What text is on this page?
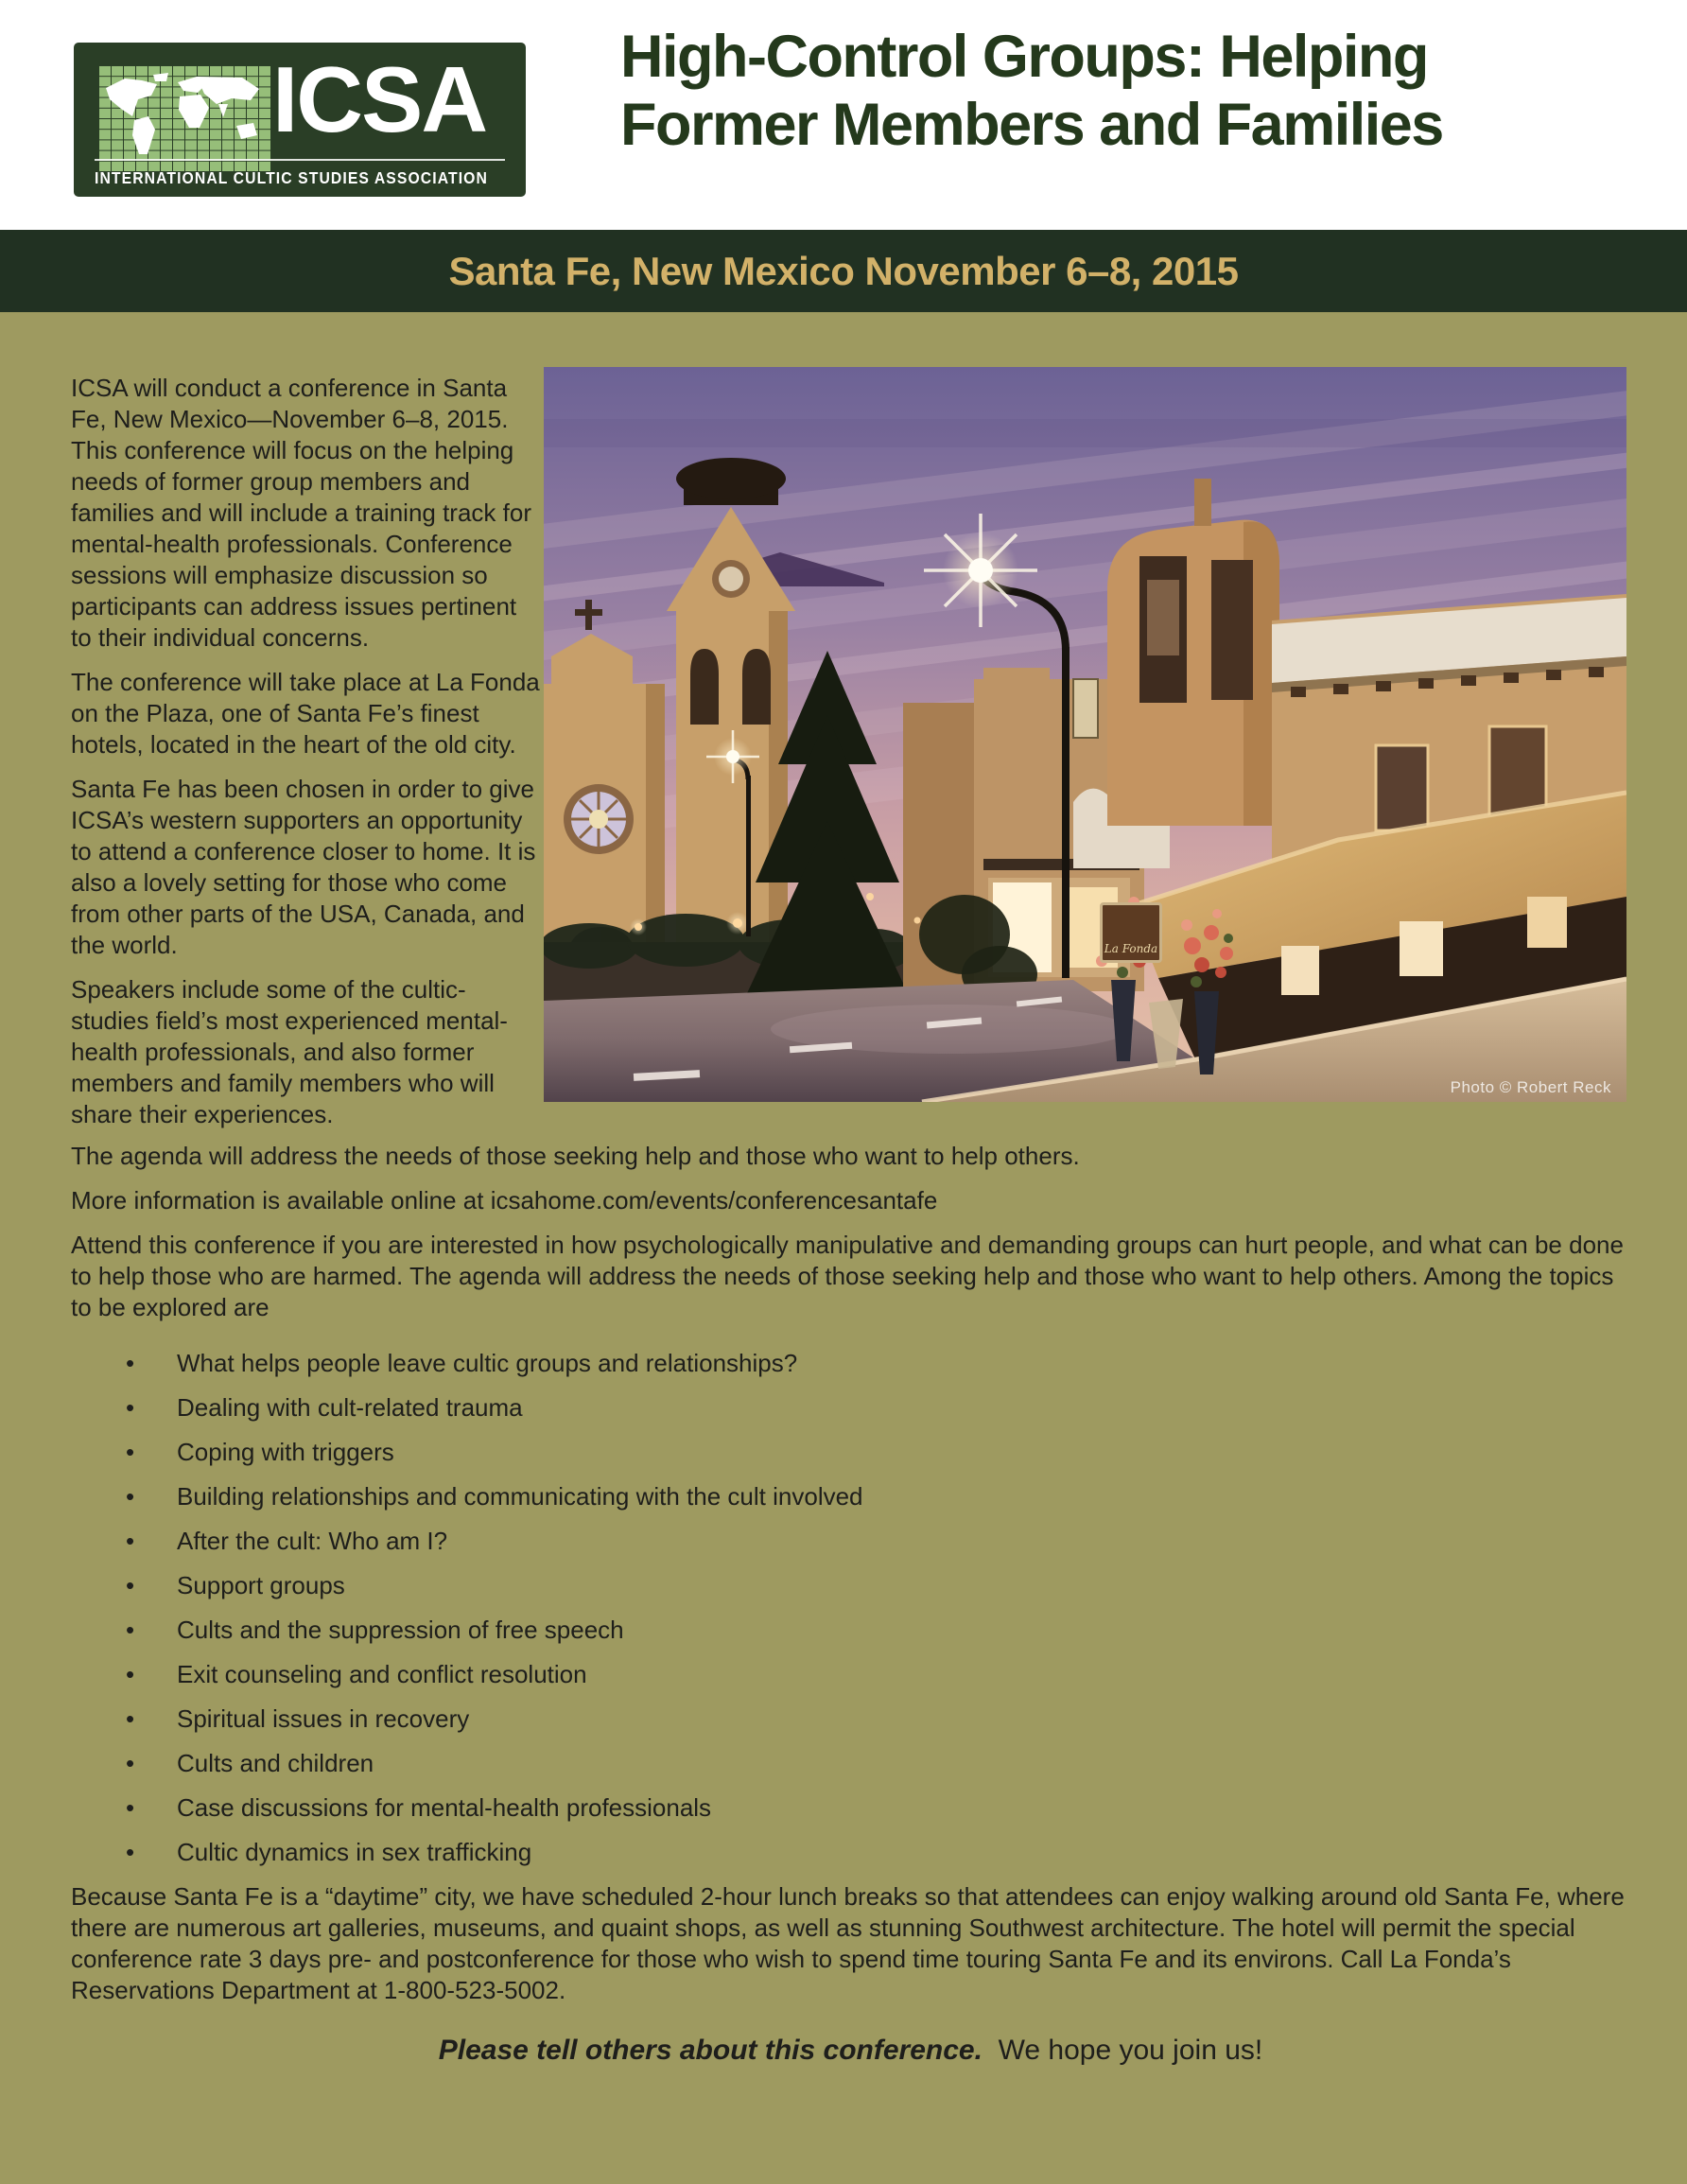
ICSA
INTERNATIONAL CULTIC STUDIES ASSOCIATION
High-Control Groups: Helping Former Members and Families
Santa Fe, New Mexico November 6–8, 2015

ICSA will conduct a conference in Santa Fe, New Mexico—November 6–8, 2015. This conference will focus on the helping needs of former group members and families and will include a training track for mental-health professionals. Conference sessions will emphasize discussion so participants can address issues pertinent to their individual concerns.

The conference will take place at La Fonda on the Plaza, one of Santa Fe’s finest hotels, located in the heart of the old city.

Santa Fe has been chosen in order to give ICSA’s western supporters an opportunity to attend a conference closer to home. It is also a lovely setting for those who come from other parts of the USA, Canada, and the world.

Speakers include some of the cultic-studies field’s most experienced mental-health professionals, and also former members and family members who will share their experiences.

La Fonda
Photo © Robert Reck

The agenda will address the needs of those seeking help and those who want to help others.

More information is available online at icsahome.com/events/conferencesantafe

Attend this conference if you are interested in how psychologically manipulative and demanding groups can hurt people, and what can be done to help those who are harmed. The agenda will address the needs of those seeking help and those who want to help others. Among the topics to be explored are

• What helps people leave cultic groups and relationships?
• Dealing with cult-related trauma
• Coping with triggers
• Building relationships and communicating with the cult involved
• After the cult: Who am I?
• Support groups
• Cults and the suppression of free speech
• Exit counseling and conflict resolution
• Spiritual issues in recovery
• Cults and children
• Case discussions for mental-health professionals
• Cultic dynamics in sex trafficking

Because Santa Fe is a “daytime” city, we have scheduled 2-hour lunch breaks so that attendees can enjoy walking around old Santa Fe, where there are numerous art galleries, museums, and quaint shops, as well as stunning Southwest architecture. The hotel will permit the special conference rate 3 days pre- and postconference for those who wish to spend time touring Santa Fe and its environs. Call La Fonda’s Reservations Department at 1-800-523-5002.

Please tell others about this conference. We hope you join us!
